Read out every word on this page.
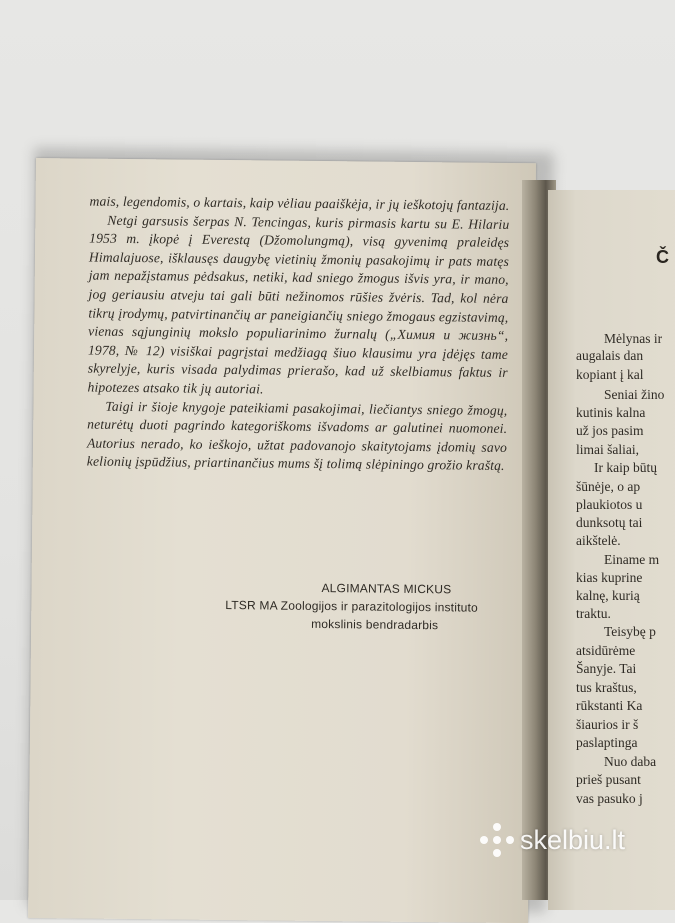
mais, legendomis, o kartais, kaip vėliau paaiškėja, ir jų ieškotojų fantazija.

Netgi garsusis šerpas N. Tencingas, kuris pirmasis kartu su E. Hilariu 1953 m. įkopė į Everestą (Džomolungmą), visą gyvenimą praleidęs Himalajuose, išklausęs daugybę vietinių žmonių pasakojimų ir pats matęs jam nepažįstamus pėdsakus, netiki, kad sniego žmogus išvis yra, ir mano, jog geriausiu atveju tai gali būti nežinomos rūšies žvėris. Tad, kol nėra tikrų įrodymų, patvirtinančių ar paneigiančių sniego žmogaus egzistavimą, vienas sąjunginių mokslo populiarinimo žurnalų („Химия и жизнь“, 1978, № 12) visiškai pagrįstai medžiagą šiuo klausimu yra įdėjęs tame skyrelyje, kuris visada palydimas prierašo, kad už skelbiamus faktus ir hipotezes atsako tik jų autoriai.

Taigi ir šioje knygoje pateikiami pasakojimai, liečiantys sniego žmogų, neturėtų duoti pagrindo kategoriškoms išvadoms ar galutinei nuomonei. Autorius nerado, ko ieškojo, užtat padovanojo skaitytojams įdomių savo kelionių įspūdžius, priartinančius mums šį tolimą slėpiningo grožio kraštą.

ALGIMANTAS MICKUS
LTSR MA Zoologijos ir parazitologijos instituto
mokslinis bendradarbis
Č
Mėlynas ir
augalais dan
kopiant į kal
Seniai žino
kutinis kalna
už jos pasim
limai šaliai,
Ir kaip būtų
šūnėje, o ap
plaukiotos u
dunksotų tai
aikštelė.
Einame m
kias kuprine
kalnę, kurią
traktu.
Teisybę p
atsidūrėme
Šanyje. Tai
tus kraštus,
rūkstanti Ka
šiaurios ir š
paslaptinga
Nuo daba
prieš pusant
vas pasuko j
skelbiu.lt
